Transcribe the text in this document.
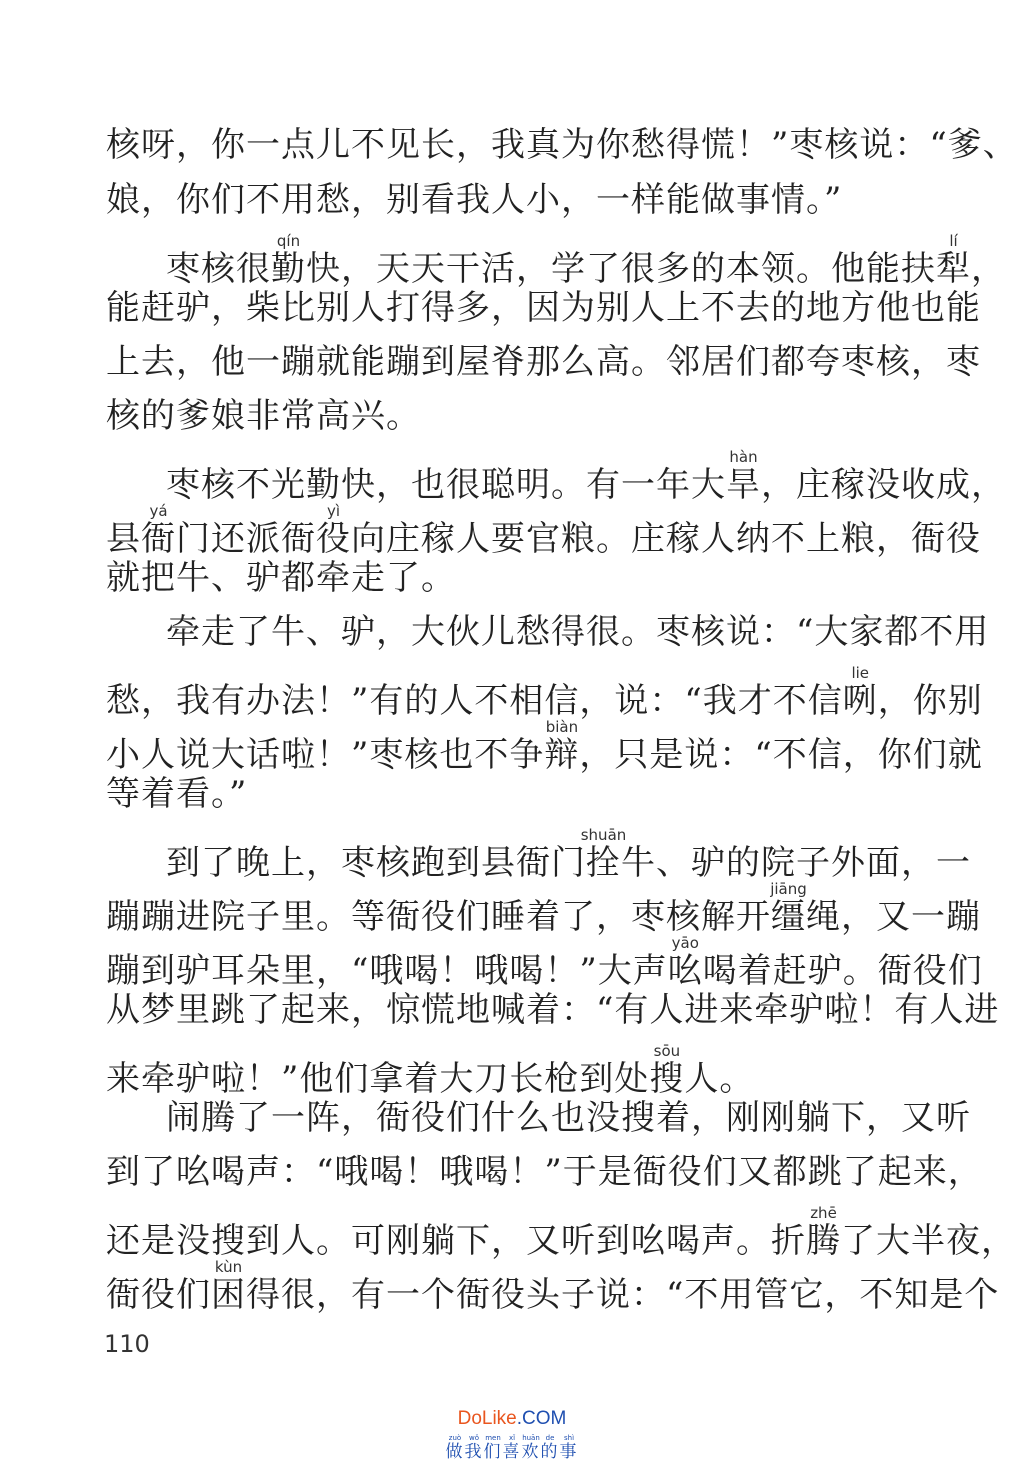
核呀，你一点儿不见长，我真为你愁得慌！”枣核说：“爹、
娘，你们不用愁，别看我人小，一样能做事情。”
枣核很勤qín快，天天干活，学了很多的本领。他能扶犁lí，
能赶驴，柴比别人打得多，因为别人上不去的地方他也能
上去，他一蹦就能蹦到屋脊那么高。邻居们都夸枣核，枣
核的爹娘非常高兴。
枣核不光勤快，也很聪明。有一年大旱hàn，庄稼没收成，
县衙yá门还派衙役yì向庄稼人要官粮。庄稼人纳不上粮，衙役
就把牛、驴都牵走了。
牵走了牛、驴，大伙儿愁得很。枣核说：“大家都不用
愁，我有办法！”有的人不相信，说：“我才不信咧lie，你别
小人说大话啦！”枣核也不争辩biàn，只是说：“不信，你们就
等着看。”
到了晚上，枣核跑到县衙门拴shuān牛、驴的院子外面，一
蹦蹦进院子里。等衙役们睡着了，枣核解开缰jiāng绳，又一蹦
蹦到驴耳朵里，“哦喝！哦喝！”大声吆yāo喝着赶驴。衙役们
从梦里跳了起来，惊慌地喊着：“有人进来牵驴啦！有人进
来牵驴啦！”他们拿着大刀长枪到处搜sōu人。
闹腾了一阵，衙役们什么也没搜着，刚刚躺下，又听
到了吆喝声：“哦喝！哦喝！”于是衙役们又都跳了起来，
还是没搜到人。可刚躺下，又听到吆喝声。折腾zhē了大半夜，
衙役们困kùn得很，有一个衙役头子说：“不用管它，不知是个
110
DoLike.COM
做zuò我wǒ们men喜xǐ欢huān的de事shì
